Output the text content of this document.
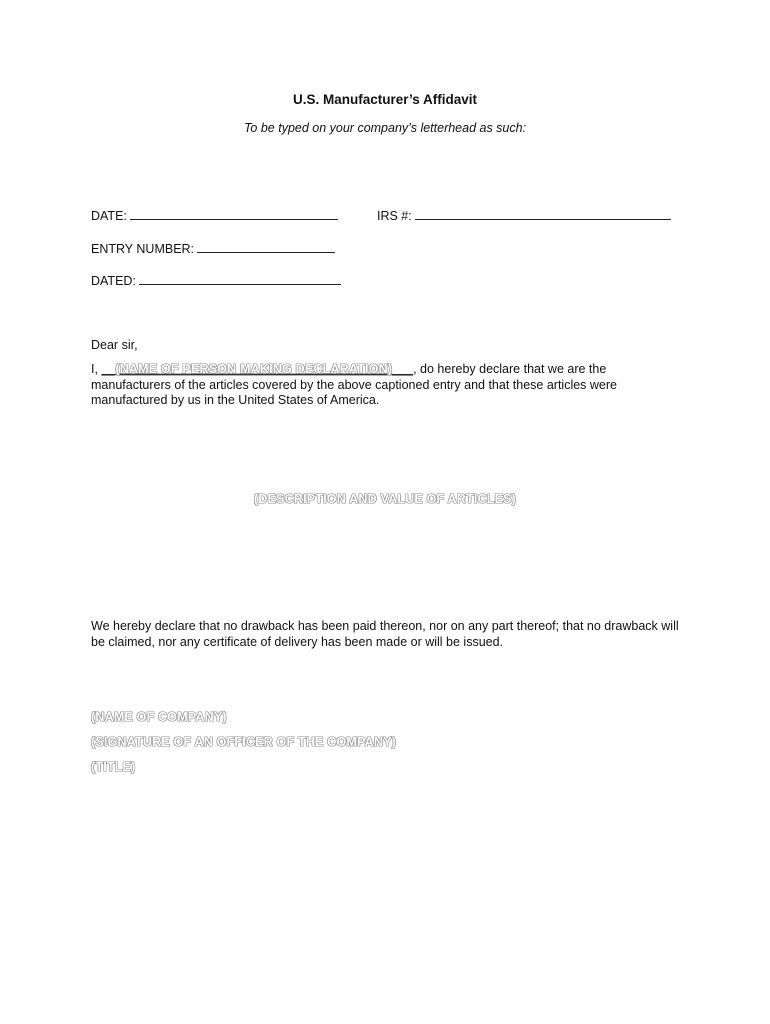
U.S. Manufacturer’s Affidavit
To be typed on your company’s letterhead as such:
DATE:	IRS #:
ENTRY NUMBER:
DATED:
Dear sir,
I, __(NAME OF PERSON MAKING DECLARATION)___, do hereby declare that we are the manufacturers of the articles covered by the above captioned entry and that these articles were manufactured by us in the United States of America.
(DESCRIPTION AND VALUE OF ARTICLES)
We hereby declare that no drawback has been paid thereon, nor on any part thereof; that no drawback will be claimed, nor any certificate of delivery has been made or will be issued.
(NAME OF COMPANY)
(SIGNATURE OF AN OFFICER OF THE COMPANY)
(TITLE)
